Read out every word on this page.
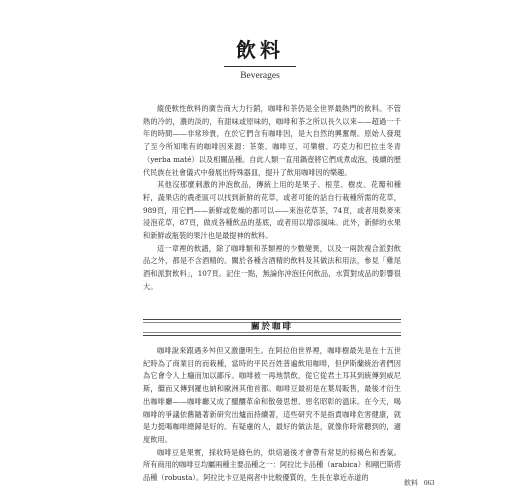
飲料
Beverages

縱使軟性飲料的廣告商大力行銷，咖啡和茶仍是全世界最熱門的飲料。不管熱的冷的，濃的淡的，有甜味或原味的，咖啡和茶之所以長久以來——超過一千年的時間——非常珍貴，在於它們含有咖啡因，是大自然的興奮劑。原始人發現了至今所知唯有的咖啡因來源：茶葉、咖啡豆、可樂樹、巧克力和巴拉圭冬青（yerba maté）以及相關品種。自此人類一直用鍋壺將它們成煮或泡，後續的歷代民族在社會儀式中發展出特殊器皿，提升了飲用咖啡因的樂趣。

其他沒那麼刺激的沖泡飲品，傳統上用的是果子、根莖、樹皮、花瓣和種籽，蔬果店的農產區可以找到新鮮的花草，或者可能的話自行栽種所需的花草，989頁，用它們——新鮮或乾燥的都可以——來泡花草茶，74頁，或者用麩麥來浸泡花草，87頁，做成各種飲品的基底，或者用以增添風味。此外，新鮮的水果和新鮮或瓶裝的果汁也是最提神的飲料。

這一章裡的飲譜，除了咖啡類和茶類裡的少數變異，以及一兩款複合派對飲品之外，都是不含酒精的。關於各種含酒精的飲料及其做法和用法，參見「雞尾酒和派對飲料」，107頁。記住一點，無論你沖泡任何飲品，水質對成品的影響很大。

關於咖啡

咖啡說來跟遇多舛但又激盪明生。在阿拉伯世界裡，咖啡樹最先是在十五世紀時為了商業目的而栽種，當時的平民百姓普遍飲用咖啡，但伊斯蘭統治者們因為它會令人上癮而加以鄙斥。咖啡被一再地禁飲，從它從君土耳其到統傳到威尼斯，繼而又傳到羅也納和歐洲其他首都。咖啡豆最初是在葉局販售，最後才衍生出咖啡廳——咖啡廳又成了醞釀革命和散發思想、惡名昭彰的溫床。在今天，喝咖啡的爭議依舊隨著新研究出爐而持續著，這些研究不是指責咖啡危害健康，就是力挺喝咖啡總歸是好的。有疑慮的人，最好的做法是，就像你時常聽到的，適度飲用。

咖啡豆是果實，採收時是綠色的，烘焙過後才會帶有常見的棕褐色和香氣。所有商用的咖啡豆均屬兩種主要品種之一：阿拉比卡品種（arabica）和剛巴斯塔品種（robusta）。阿拉比卡豆是兩者中比較優質的，生長在靠近赤道的

飲料 063
